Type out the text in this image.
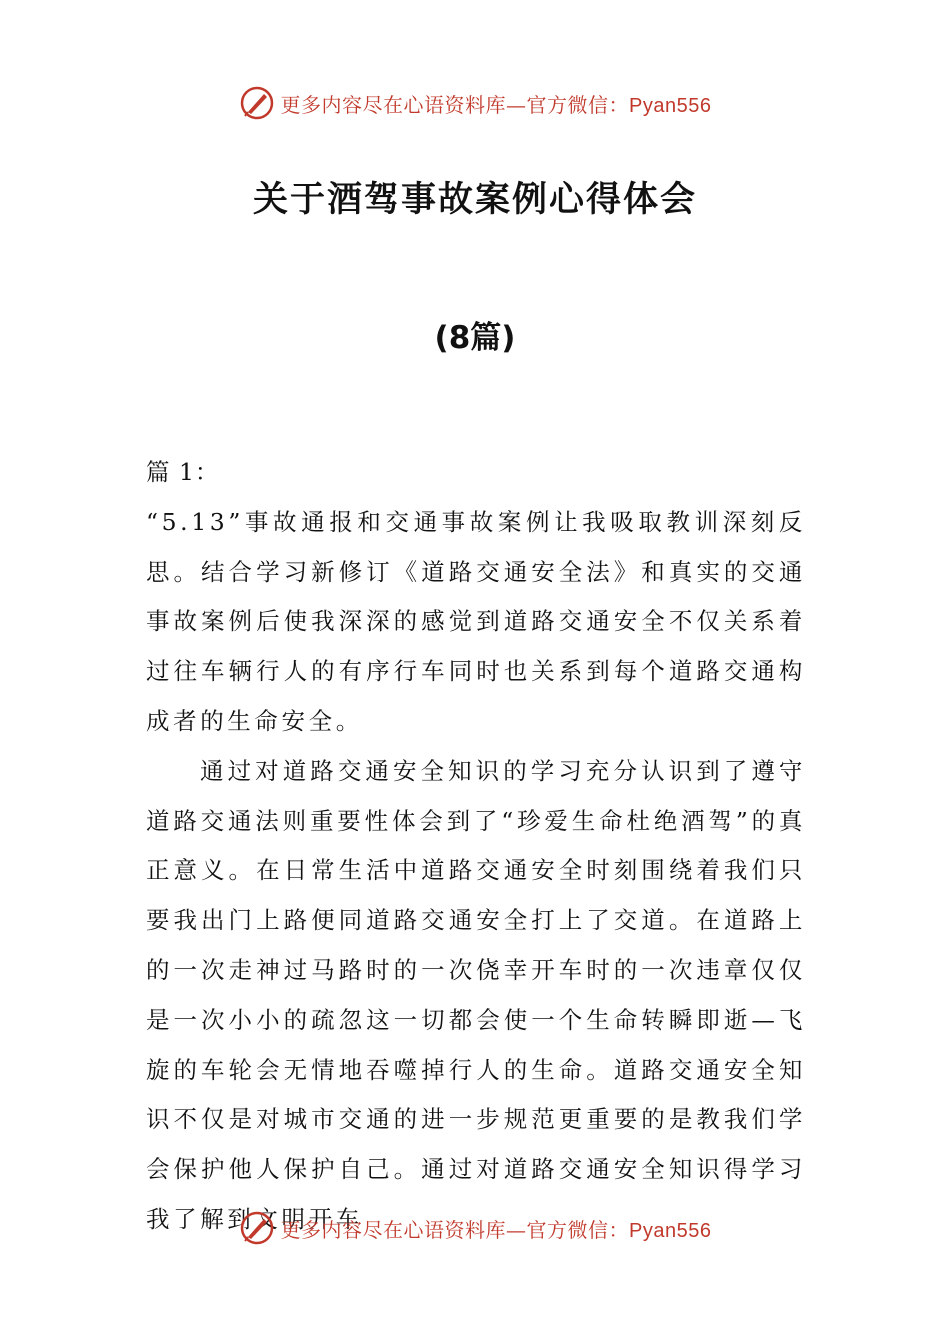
更多内容尽在心语资料库—官方微信：Pyan556
关于酒驾事故案例心得体会
(8篇)

篇 1：

“5.13”事故通报和交通事故案例让我吸取教训深刻反思。结合学习新修订《道路交通安全法》和真实的交通事故案例后使我深深的感觉到道路交通安全不仅关系着过往车辆行人的有序行车同时也关系到每个道路交通构成者的生命安全。

通过对道路交通安全知识的学习充分认识到了遵守道路交通法则重要性体会到了“珍爱生命杜绝酒驾”的真正意义。在日常生活中道路交通安全时刻围绕着我们只要我出门上路便同道路交通安全打上了交道。在道路上的一次走神过马路时的一次侥幸开车时的一次违章仅仅是一次小小的疏忽这一切都会使一个生命转瞬即逝—飞旋的车轮会无情地吞噬掉行人的生命。道路交通安全知识不仅是对城市交通的进一步规范更重要的是教我们学会保护他人保护自己。通过对道路交通安全知识得学习我了解到文明开车

更多内容尽在心语资料库—官方微信：Pyan556
